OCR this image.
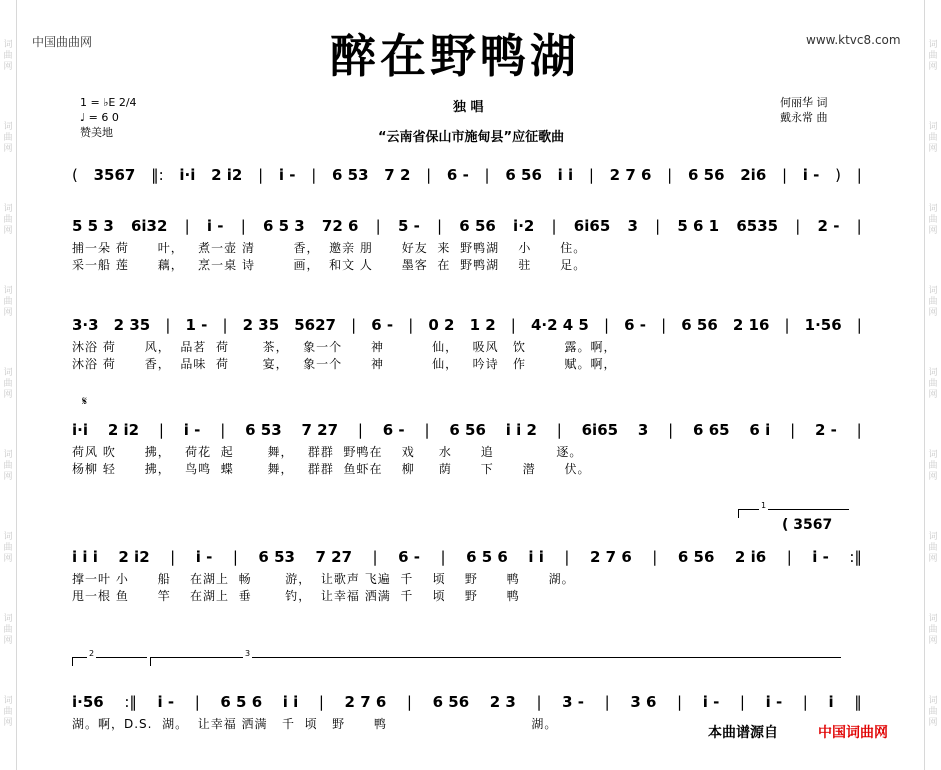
词
曲
网
词
曲
网
词
曲
网
词
曲
网
词
曲
网
词
曲
网
词
曲
网
词
曲
网
词
曲
网
词
曲
网
词
曲
网
词
曲
网
词
曲
网
词
曲
网
词
曲
网
词
曲
网
词
曲
网
词
曲
网
中国曲曲网	www.ktvc8.com
醉在野鸭湖
1 = ♭E 2/4
♩ = 6 0
赞美地
独 唱
“云南省保山市施甸县”应征歌曲
何丽华 词
戴永常 曲
( 3567 ‖: i·i 2 i2 | i - | 6 53 7 2 | 6 - | 6 56 i i | 2 7 6 | 6 56 2i6 | i - ) |
5 5 3 6i32 | i - | 6 5 3 72 6 | 5 - | 6 56 i·2 | 6i65 3 | 5 6 1 6535 | 2 - |
捕一朵 荷      叶，   煮一壶 清        香，  邀亲 朋      好友  来  野鸭湖    小      住。
采一船 莲      藕，   烹一桌 诗        画，  和文 人      墨客  在  野鸭湖    驻      足。
3·3 2 35 | 1 - | 2 35 5627 | 6 - | 0 2 1 2 | 4·2 4 5 | 6 - | 6 56 2 16 | 1·56 |
沐浴 荷      风，  品茗  荷       茶，   象一个      神          仙，   吸风   饮        露。啊，
沐浴 荷      香，  品味  荷       宴，   象一个      神          仙，   吟诗   作        赋。啊，
𝄋
i·i 2 i2 | i - | 6 53 7 27 | 6 - | 6 56 i i 2 | 6i65 3 | 6 65 6 i | 2 - |
荷风 吹      拂，   荷花  起       舞，   群群  野鸭在    戏     水      追             逐。
杨柳 轻      拂，   鸟鸣  蝶       舞，   群群  鱼虾在    柳     荫      下      潜      伏。
1
( 3567
i i i 2 i2 | i - | 6 53 7 27 | 6 - | 6 5 6 i i | 2 7 6 | 6 56 2 i6 | i - :‖
撑一叶 小      船    在湖上  畅       游，  让歌声 飞遍  千    顷    野      鸭      湖。
甩一根 鱼      竿    在湖上  垂       钓，  让幸福 洒满  千    顷    野      鸭
2	3
i·56 :‖ i - | 6 5 6 i i | 2 7 6 | 6 56 2 3 | 3 - | 3 6 | i - | i - | i ‖
湖。啊，D.S.  湖。  让幸福 洒满   千  顷   野      鸭                              湖。
本曲谱源自	中国词曲网
